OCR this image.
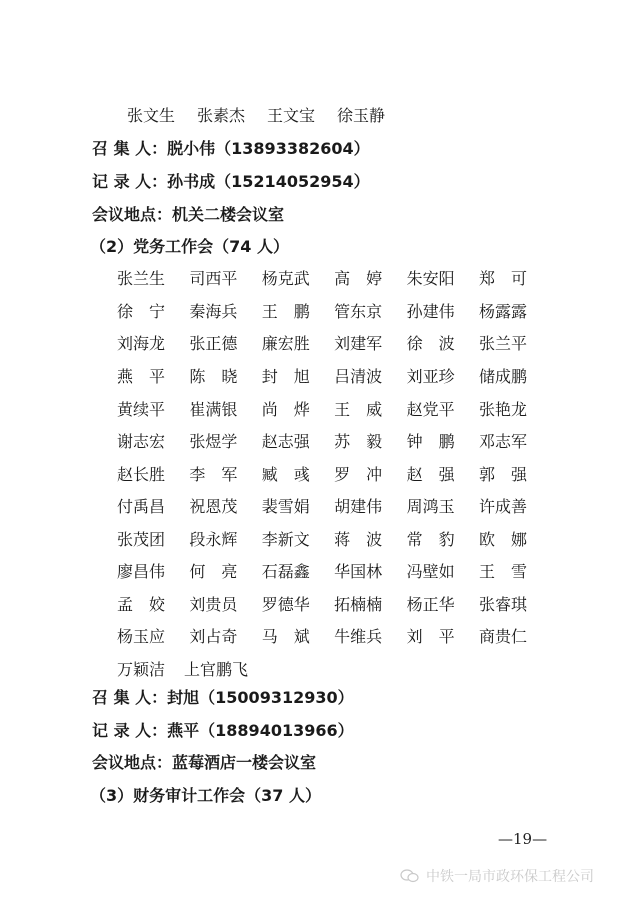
张文生 张素杰 王文宝 徐玉静
召 集 人：脱小伟（13893382604）
记 录 人：孙书成（15214052954）
会议地点：机关二楼会议室
（2）党务工作会（74 人）
张兰生 司西平 杨克武 高　婷 朱安阳 郑　可
徐　宁 秦海兵 王　鹏 管东京 孙建伟 杨露露
刘海龙 张正德 廉宏胜 刘建军 徐　波 张兰平
燕　平 陈　晓 封　旭 吕清波 刘亚珍 储成鹏
黄续平 崔满银 尚　烨 王　威 赵党平 张艳龙
谢志宏 张煜学 赵志强 苏　毅 钟　鹏 邓志军
赵长胜 李　军 臧　彧 罗　冲 赵　强 郭　强
付禹昌 祝恩茂 裴雪娟 胡建伟 周鸿玉 许成善
张茂团 段永辉 李新文 蒋　波 常　豹 欧　娜
廖昌伟 何　亮 石磊鑫 华国林 冯壁如 王　雪
孟　姣 刘贵员 罗德华 拓楠楠 杨正华 张睿琪
杨玉应 刘占奇 马　斌 牛维兵 刘　平 商贵仁
万颖洁 上官鹏飞
召 集 人：封旭（15009312930）
记 录 人：燕平（18894013966）
会议地点：蓝莓酒店一楼会议室
（3）财务审计工作会（37 人）
—19—
中铁一局市政环保工程公司
